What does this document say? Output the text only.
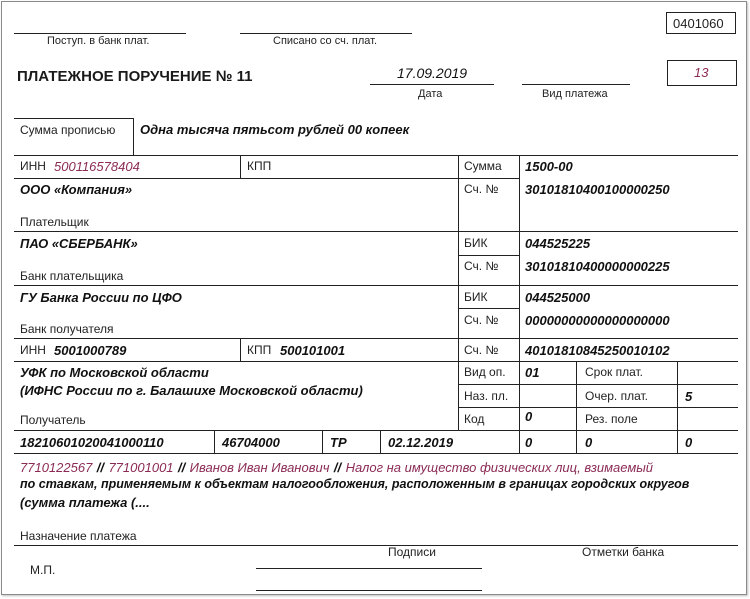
0401060
Поступ. в банк плат.	Списано со сч. плат.
ПЛАТЕЖНОЕ ПОРУЧЕНИЕ № 11	17.09.2019
Дата	Вид платежа
13
Сумма прописью Одна тысяча пятьсот рублей 00 копеек
ИНН 500116578404	КПП	Сумма 1500-00
ООО «Компания»
Плательщик
Сч. № 30101810400100000250
ПАО «СБЕРБАНК»
Банк плательщика
БИК	044525225
Сч. № 30101810400000000225
ГУ Банка России по ЦФО
Банк получателя
БИК	044525000
Сч. № 00000000000000000000
ИНН 5001000789	КПП 500101001	Сч. № 40101810845250010102
УФК по Московской области
(ИФНС России по г. Балашихе Московской области)
Получатель
Вид оп. 01	Срок плат.
Наз. пл.	Очер. плат.	5
Код	0	Рез. поле
18210601020041000110	46704000	ТР	02.12.2019	0	0	0
7710122567 // 771001001 // Иванов Иван Иванович // Налог на имущество физических лиц, взимаемый
по ставкам, применяемым к объектам налогообложения, расположенным в границах городских округов
(сумма платежа (....
Назначение платежа
Подписи	Отметки банка
М.П.
